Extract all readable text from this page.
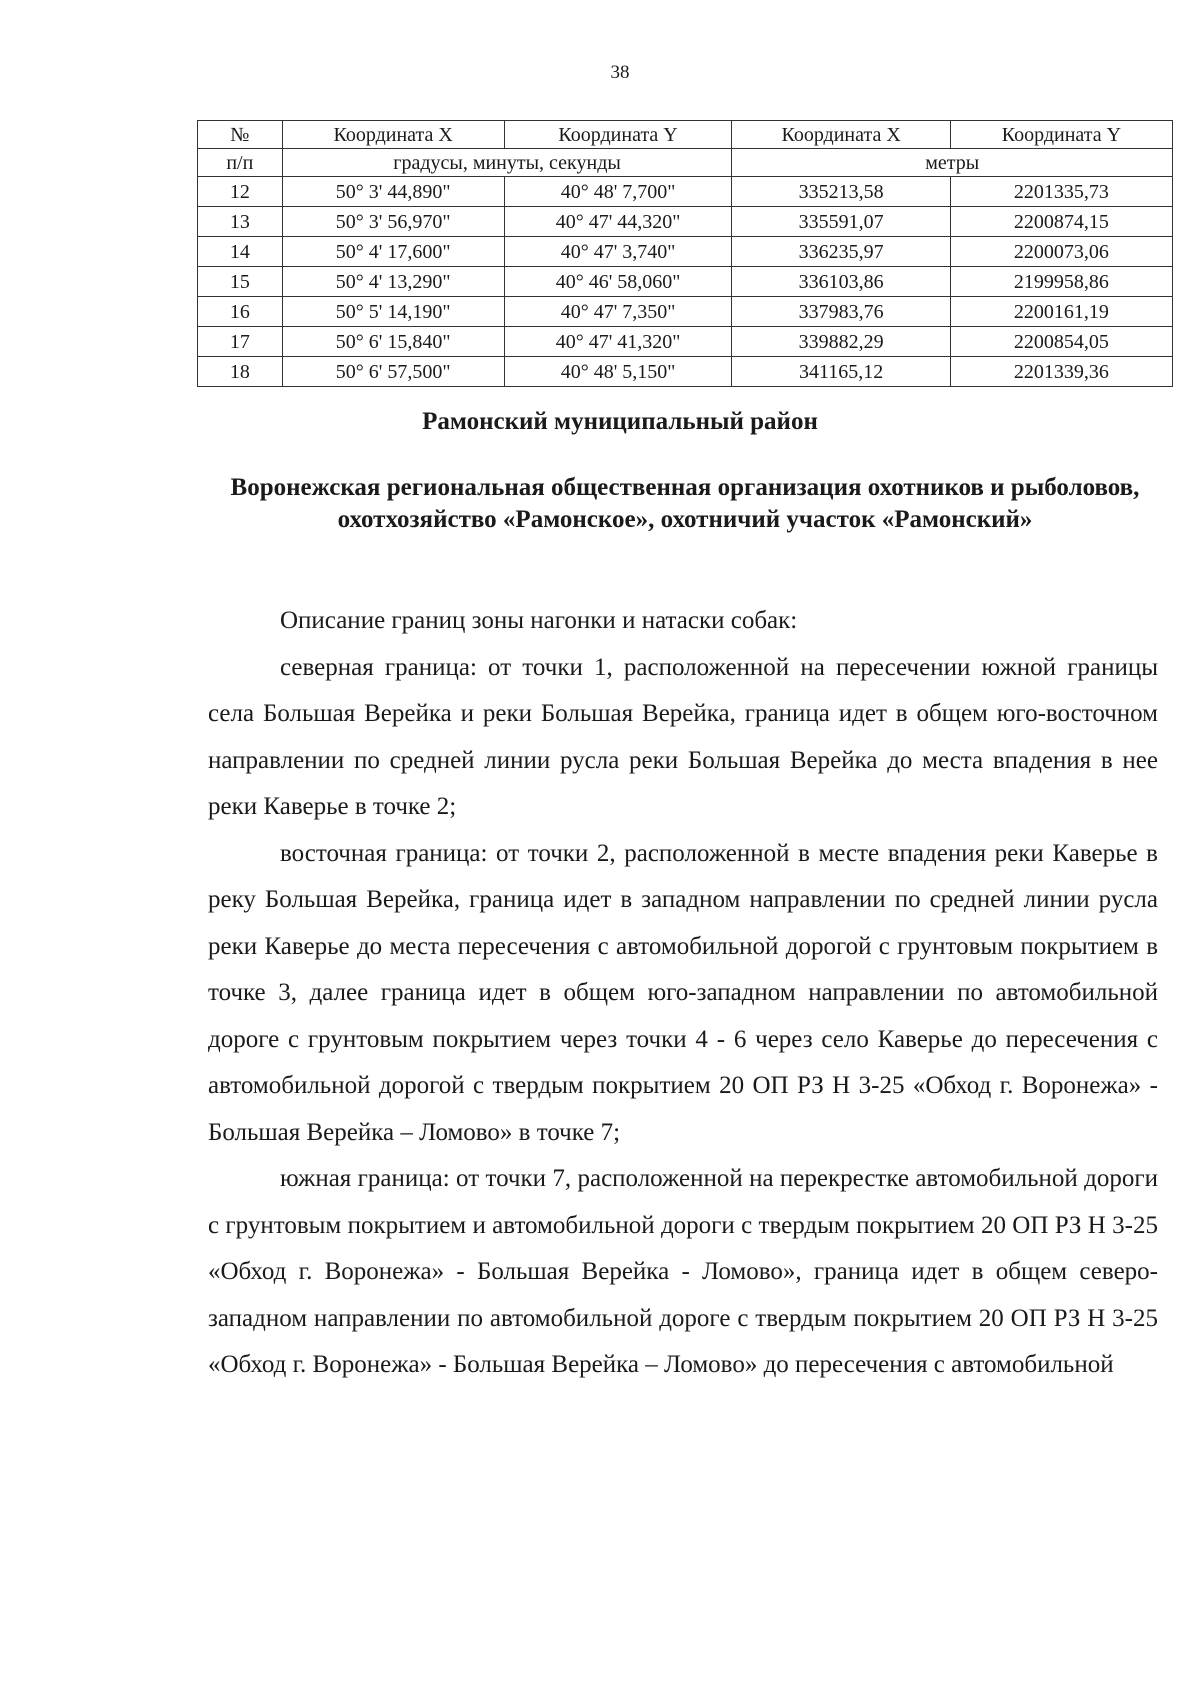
38
№	Координата X	Координата Y	Координата X	Координата Y
п/п	градусы, минуты, секунды		метры	
12	50° 3' 44,890"	40° 48' 7,700"	335213,58	2201335,73
13	50° 3' 56,970"	40° 47' 44,320"	335591,07	2200874,15
14	50° 4' 17,600"	40° 47' 3,740"	336235,97	2200073,06
15	50° 4' 13,290"	40° 46' 58,060"	336103,86	2199958,86
16	50° 5' 14,190"	40° 47' 7,350"	337983,76	2200161,19
17	50° 6' 15,840"	40° 47' 41,320"	339882,29	2200854,05
18	50° 6' 57,500"	40° 48' 5,150"	341165,12	2201339,36
Рамонский муниципальный район
Воронежская региональная общественная организация охотников и рыболовов, охотхозяйство «Рамонское», охотничий участок «Рамонский»

Описание границ зоны нагонки и натаски собак:

северная граница: от точки 1, расположенной на пересечении южной границы села Большая Верейка и реки Большая Верейка, граница идет в общем юго-восточном направлении по средней линии русла реки Большая Верейка до места впадения в нее реки Каверье в точке 2;

восточная граница: от точки 2, расположенной в месте впадения реки Каверье в реку Большая Верейка, граница идет в западном направлении по средней линии русла реки Каверье до места пересечения с автомобильной дорогой с грунтовым покрытием в точке 3, далее граница идет в общем юго-западном направлении по автомобильной дороге с грунтовым покрытием через точки 4 - 6 через село Каверье до пересечения с автомобильной дорогой с твердым покрытием 20 ОП РЗ Н 3-25 «Обход г. Воронежа» - Большая Верейка – Ломово» в точке 7;

южная граница: от точки 7, расположенной на перекрестке автомобильной дороги с грунтовым покрытием и автомобильной дороги с твердым покрытием 20 ОП РЗ Н 3-25 «Обход г. Воронежа» - Большая Верейка - Ломово», граница идет в общем северо-западном направлении по автомобильной дороге с твердым покрытием 20 ОП РЗ Н 3-25 «Обход г. Воронежа» - Большая Верейка – Ломово» до пересечения с автомобильной
